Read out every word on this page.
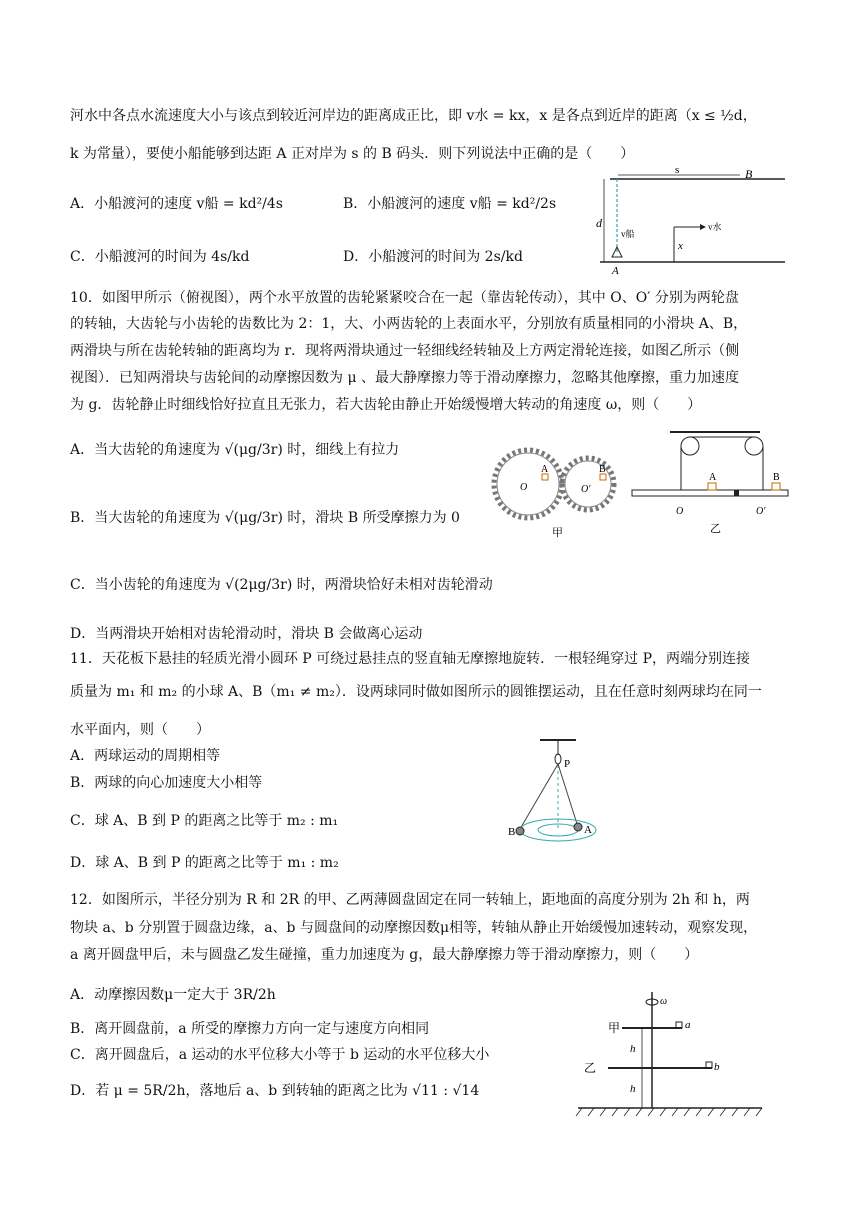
河水中各点水流速度大小与该点到较近河岸边的距离成正比，即 v水 = kx，x 是各点到近岸的距离（x ≤ ½d，
k 为常量），要使小船能够到达距 A 正对岸为 s 的 B 码头．则下列说法中正确的是（　　）
A．小船渡河的速度 v船 = kd²/4s	B．小船渡河的速度 v船 = kd²/2s
C．小船渡河的时间为 4s/kd	D．小船渡河的时间为 2s/kd
s	B
d
v船
v水
x
A
10．如图甲所示（俯视图），两个水平放置的齿轮紧紧咬合在一起（靠齿轮传动），其中 O、O′ 分别为两轮盘
的转轴，大齿轮与小齿轮的齿数比为 2：1，大、小两齿轮的上表面水平，分别放有质量相同的小滑块 A、B，
两滑块与所在齿轮转轴的距离均为 r．现将两滑块通过一轻细线经转轴及上方两定滑轮连接，如图乙所示（侧
视图）．已知两滑块与齿轮间的动摩擦因数为 μ 、最大静摩擦力等于滑动摩擦力，忽略其他摩擦，重力加速度
为 g．齿轮静止时细线恰好拉直且无张力，若大齿轮由静止开始缓慢增大转动的角速度 ω，则（　　）
A．当大齿轮的角速度为 √(μg/3r) 时，细线上有拉力
B．当大齿轮的角速度为 √(μg/3r) 时，滑块 B 所受摩擦力为 0
C．当小齿轮的角速度为 √(2μg/3r) 时，两滑块恰好未相对齿轮滑动
D．当两滑块开始相对齿轮滑动时，滑块 B 会做离心运动
O	O′
A	B
甲
A	B
O	O′
乙
11．天花板下悬挂的轻质光滑小圆环 P 可绕过悬挂点的竖直轴无摩擦地旋转．一根轻绳穿过 P，两端分别连接
质量为 m₁ 和 m₂ 的小球 A、B（m₁ ≠ m₂）．设两球同时做如图所示的圆锥摆运动，且在任意时刻两球均在同一
水平面内，则（　　）
A．两球运动的周期相等
B．两球的向心加速度大小相等
C．球 A、B 到 P 的距离之比等于 m₂ : m₁
D．球 A、B 到 P 的距离之比等于 m₁ : m₂
P
B	A
12．如图所示，半径分别为 R 和 2R 的甲、乙两薄圆盘固定在同一转轴上，距地面的高度分别为 2h 和 h，两
物块 a、b 分别置于圆盘边缘，a、b 与圆盘间的动摩擦因数μ相等，转轴从静止开始缓慢加速转动，观察发现，
a 离开圆盘甲后，未与圆盘乙发生碰撞，重力加速度为 g，最大静摩擦力等于滑动摩擦力，则（　　）
A．动摩擦因数μ一定大于 3R/2h
B．离开圆盘前，a 所受的摩擦力方向一定与速度方向相同
C．离开圆盘后，a 运动的水平位移大小等于 b 运动的水平位移大小
D．若 μ = 5R/2h，落地后 a、b 到转轴的距离之比为 √11 : √14
ω
a
甲
b
乙
h
h
